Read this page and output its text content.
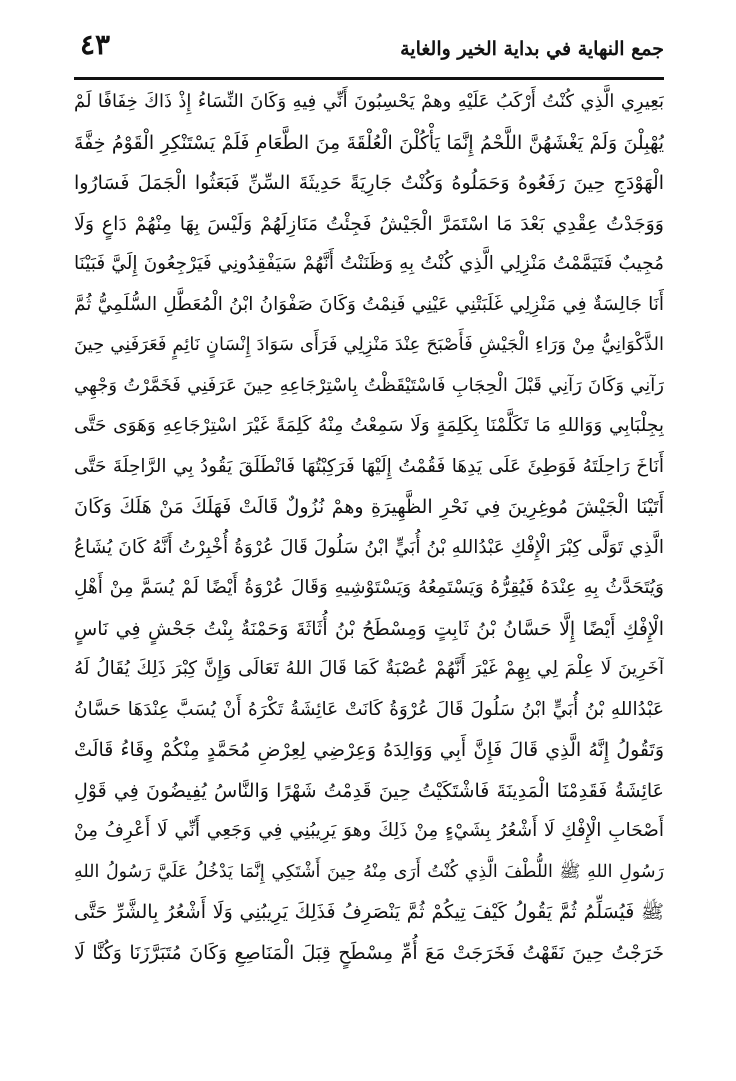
جمع النهاية في بداية الخير والغاية
٤٣
بَعِيرِي الَّذِي كُنْتُ أَرْكَبُ عَلَيْهِ وهمْ يَحْسِبُونَ أَنِّي فِيهِ وَكَانَ النِّسَاءُ إِذْ ذَاكَ خِفَافًا لَمْ
يُهْبِلْنَ وَلَمْ يَغْشَهُنَّ اللَّحْمُ إِنَّمَا يَأْكُلْنَ الْعُلْقَةَ مِنَ الطَّعَامِ فَلَمْ يَسْتَنْكِرِ الْقَوْمُ خِفَّةَ
الْهَوْدَجِ حِينَ رَفَعُوهُ وَحَمَلُوهُ وَكُنْتُ جَارِيَةً حَدِيثَةَ السِّنِّ فَبَعَثُوا الْجَمَلَ فَسَارُوا
وَوَجَدْتُ عِقْدِي بَعْدَ مَا اسْتَمَرَّ الْجَيْشُ فَجِئْتُ مَنَازِلَهُمْ وَلَيْسَ بِهَا مِنْهُمْ دَاعٍ وَلَا
مُجِيبٌ فَتَيَمَّمْتُ مَنْزِلِي الَّذِي كُنْتُ بِهِ وَظَنَنْتُ أَنَّهُمْ سَيَفْقِدُونِي فَيَرْجِعُونَ إِلَيَّ فَبَيْنَا
أَنَا جَالِسَةٌ فِي مَنْزِلِي غَلَبَتْنِي عَيْنِي فَنِمْتُ وَكَانَ صَفْوَانُ ابْنُ الْمُعَطَّلِ السُّلَمِيُّ ثُمَّ
الذَّكْوَانِيُّ مِنْ وَرَاءِ الْجَيْشِ فَأَصْبَحَ عِنْدَ مَنْزِلِي فَرَأَى سَوَادَ إِنْسَانٍ نَائِمٍ فَعَرَفَنِي حِينَ
رَآنِي وَكَانَ رَآنِي قَبْلَ الْحِجَابِ فَاسْتَيْقَظْتُ بِاسْتِرْجَاعِهِ حِينَ عَرَفَنِي فَخَمَّرْتُ وَجْهِي
بِجِلْبَابِي وَوَاللهِ مَا تَكَلَّمْنَا بِكَلِمَةٍ وَلَا سَمِعْتُ مِنْهُ كَلِمَةً غَيْرَ اسْتِرْجَاعِهِ وَهَوَى حَتَّى
أَنَاخَ رَاحِلَتَهُ فَوَطِئَ عَلَى يَدِهَا فَقُمْتُ إِلَيْهَا فَرَكِبْتُهَا فَانْطَلَقَ يَقُودُ بِي الرَّاحِلَةَ حَتَّى
أَتَيْنَا الْجَيْشَ مُوغِرِينَ فِي نَحْرِ الظَّهِيرَةِ وهمْ نُزُولٌ قَالَتْ فَهَلَكَ مَنْ هَلَكَ وَكَانَ
الَّذِي تَوَلَّى كِبْرَ الْإِفْكِ عَبْدُاللهِ بْنُ أُبَيٍّ ابْنُ سَلُولَ قَالَ عُرْوَةُ أُخْبِرْتُ أَنَّهُ كَانَ يُشَاعُ
وَيُتَحَدَّثُ بِهِ عِنْدَهُ فَيُقِرُّهُ وَيَسْتَمِعُهُ وَيَسْتَوْشِيهِ وَقَالَ عُرْوَةُ أَيْضًا لَمْ يُسَمَّ مِنْ أَهْلِ
الْإِفْكِ أَيْضًا إِلَّا حَسَّانُ بْنُ ثَابِتٍ وَمِسْطَحُ بْنُ أُثَاثَةَ وَحَمْنَةُ بِنْتُ جَحْشٍ فِي نَاسٍ
آخَرِينَ لَا عِلْمَ لِي بِهِمْ غَيْرَ أَنَّهُمْ عُصْبَةٌ كَمَا قَالَ اللهُ تَعَالَى وَإِنَّ كِبْرَ ذَلِكَ يُقَالُ لَهُ
عَبْدُاللهِ بْنُ أُبَيٍّ ابْنُ سَلُولَ قَالَ عُرْوَةُ كَانَتْ عَائِشَةُ تَكْرَهُ أَنْ يُسَبَّ عِنْدَهَا حَسَّانُ
وَتَقُولُ إِنَّهُ الَّذِي قَالَ فَإِنَّ أَبِي وَوَالِدَهُ وَعِرْضِي لِعِرْضِ مُحَمَّدٍ مِنْكُمْ وِقَاءُ قَالَتْ
عَائِشَةُ فَقَدِمْنَا الْمَدِينَةَ فَاشْتَكَيْتُ حِينَ قَدِمْتُ شَهْرًا وَالنَّاسُ يُفِيضُونَ فِي قَوْلِ
أَصْحَابِ الْإِفْكِ لَا أَشْعُرُ بِشَيْءٍ مِنْ ذَلِكَ وهوَ يَرِيبُنِي فِي وَجَعِي أَنِّي لَا أَعْرِفُ مِنْ
رَسُولِ اللهِ ﷺ اللُّطْفَ الَّذِي كُنْتُ أَرَى مِنْهُ حِينَ أَشْتَكِي إِنَّمَا يَدْخُلُ عَلَيَّ رَسُولُ اللهِ
ﷺ فَيُسَلِّمُ ثُمَّ يَقُولُ كَيْفَ تِيكُمْ ثُمَّ يَنْصَرِفُ فَذَلِكَ يَرِيبُنِي وَلَا أَشْعُرُ بِالشَّرِّ حَتَّى
خَرَجْتُ حِينَ نَقَهْتُ فَخَرَجَتْ مَعَ أُمِّ مِسْطَحٍ قِبَلَ الْمَنَاصِعِ وَكَانَ مُتَبَرَّزَنَا وَكُنَّا لَا
